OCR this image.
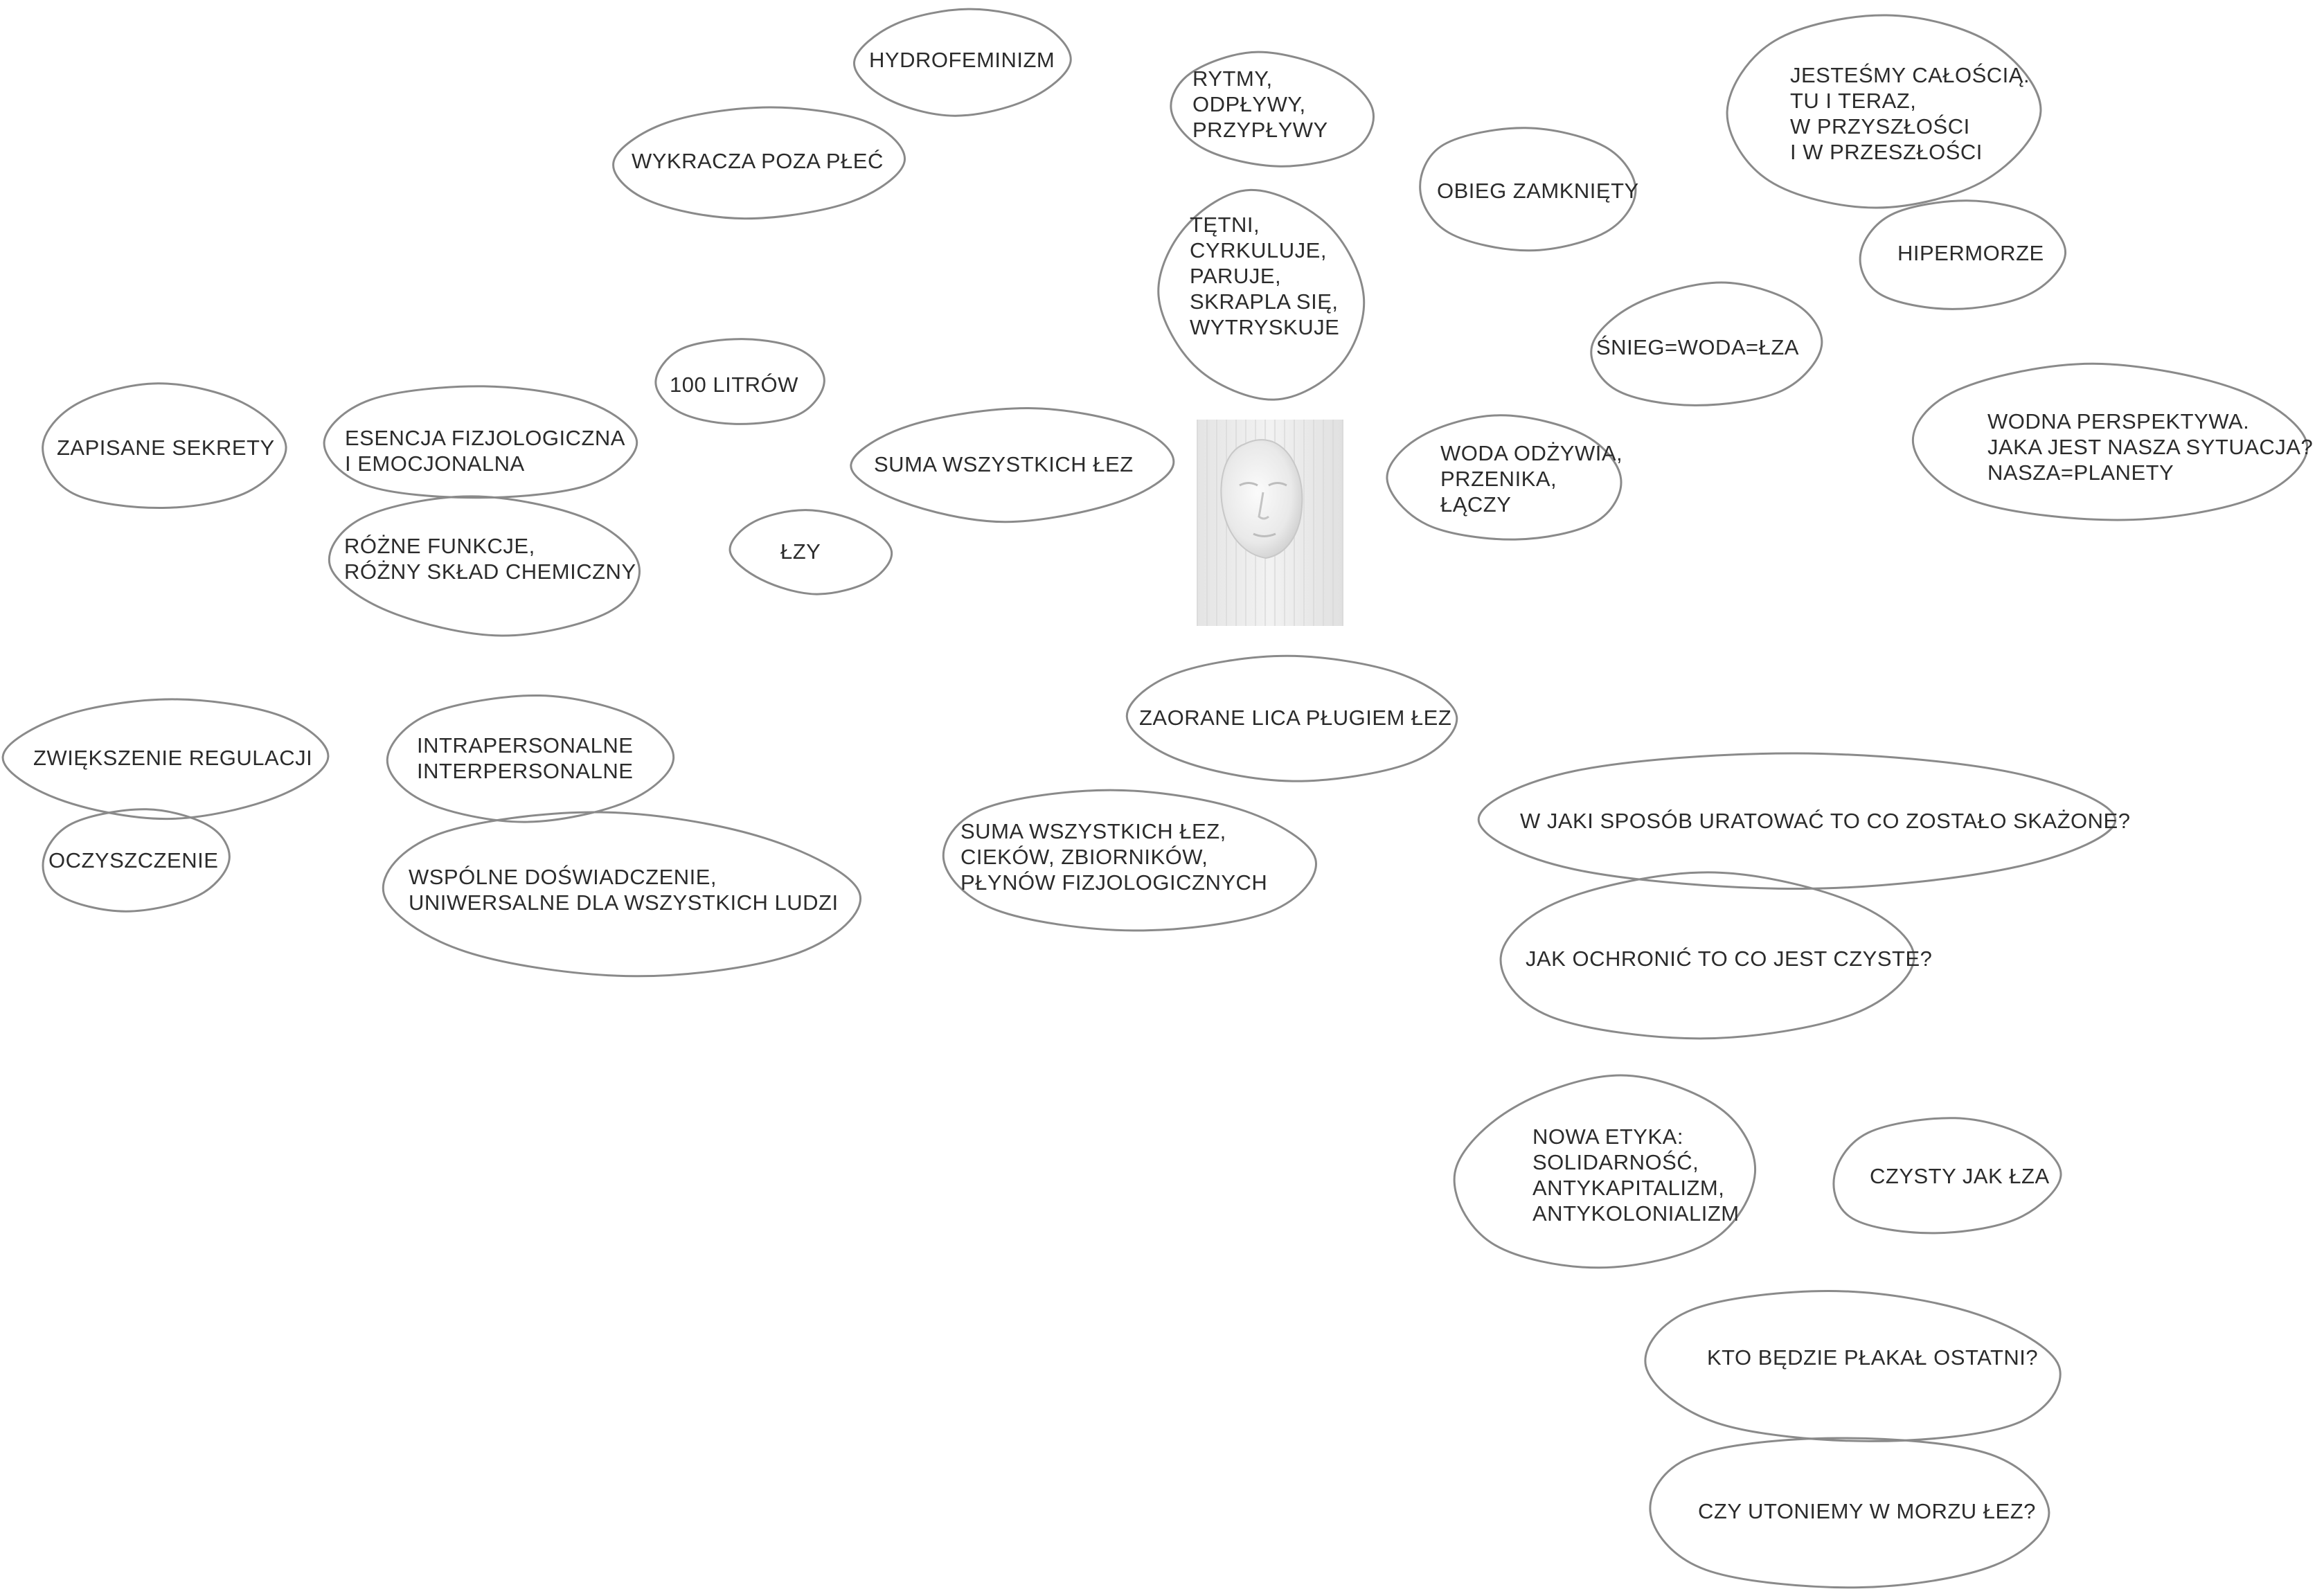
HYDROFEMINIZM
WYKRACZA POZA PŁEĆ
RYTMY,
ODPŁYWY,
PRZYPŁYWY
TĘTNI,
CYRKULUJE,
PARUJE,
SKRAPLA SIĘ,
WYTRYSKUJE
OBIEG ZAMKNIĘTY
JESTEŚMY CAŁOŚCIĄ.
TU I TERAZ,
W PRZYSZŁOŚCI
I W PRZESZŁOŚCI
HIPERMORZE
ŚNIEG=WODA=ŁZA
WODNA PERSPEKTYWA.
JAKA JEST NASZA SYTUACJA?
NASZA=PLANETY
WODA ODŻYWIA,
PRZENIKA,
ŁĄCZY
ZAPISANE SEKRETY	ESENCJA FIZJOLOGICZNA
I EMOCJONALNA
100 LITRÓW
SUMA WSZYSTKICH ŁEZ
RÓŻNE FUNKCJE,
RÓŻNY SKŁAD CHEMICZNY
ŁZY
ZAORANE LICA PŁUGIEM ŁEZ
ZWIĘKSZENIE REGULACJI
INTRAPERSONALNE
INTERPERSONALNE
OCZYSZCZENIE
WSPÓLNE DOŚWIADCZENIE,
UNIWERSALNE DLA WSZYSTKICH LUDZI
SUMA WSZYSTKICH ŁEZ,
CIEKÓW, ZBIORNIKÓW,
PŁYNÓW FIZJOLOGICZNYCH
W JAKI SPOSÓB URATOWAĆ TO CO ZOSTAŁO SKAŻONE?
JAK OCHRONIĆ TO CO JEST CZYSTE?
NOWA ETYKA:
SOLIDARNOŚĆ,
ANTYKAPITALIZM,
ANTYKOLONIALIZM
CZYSTY JAK ŁZA
KTO BĘDZIE PŁAKAŁ OSTATNI?
CZY UTONIEMY W MORZU ŁEZ?
